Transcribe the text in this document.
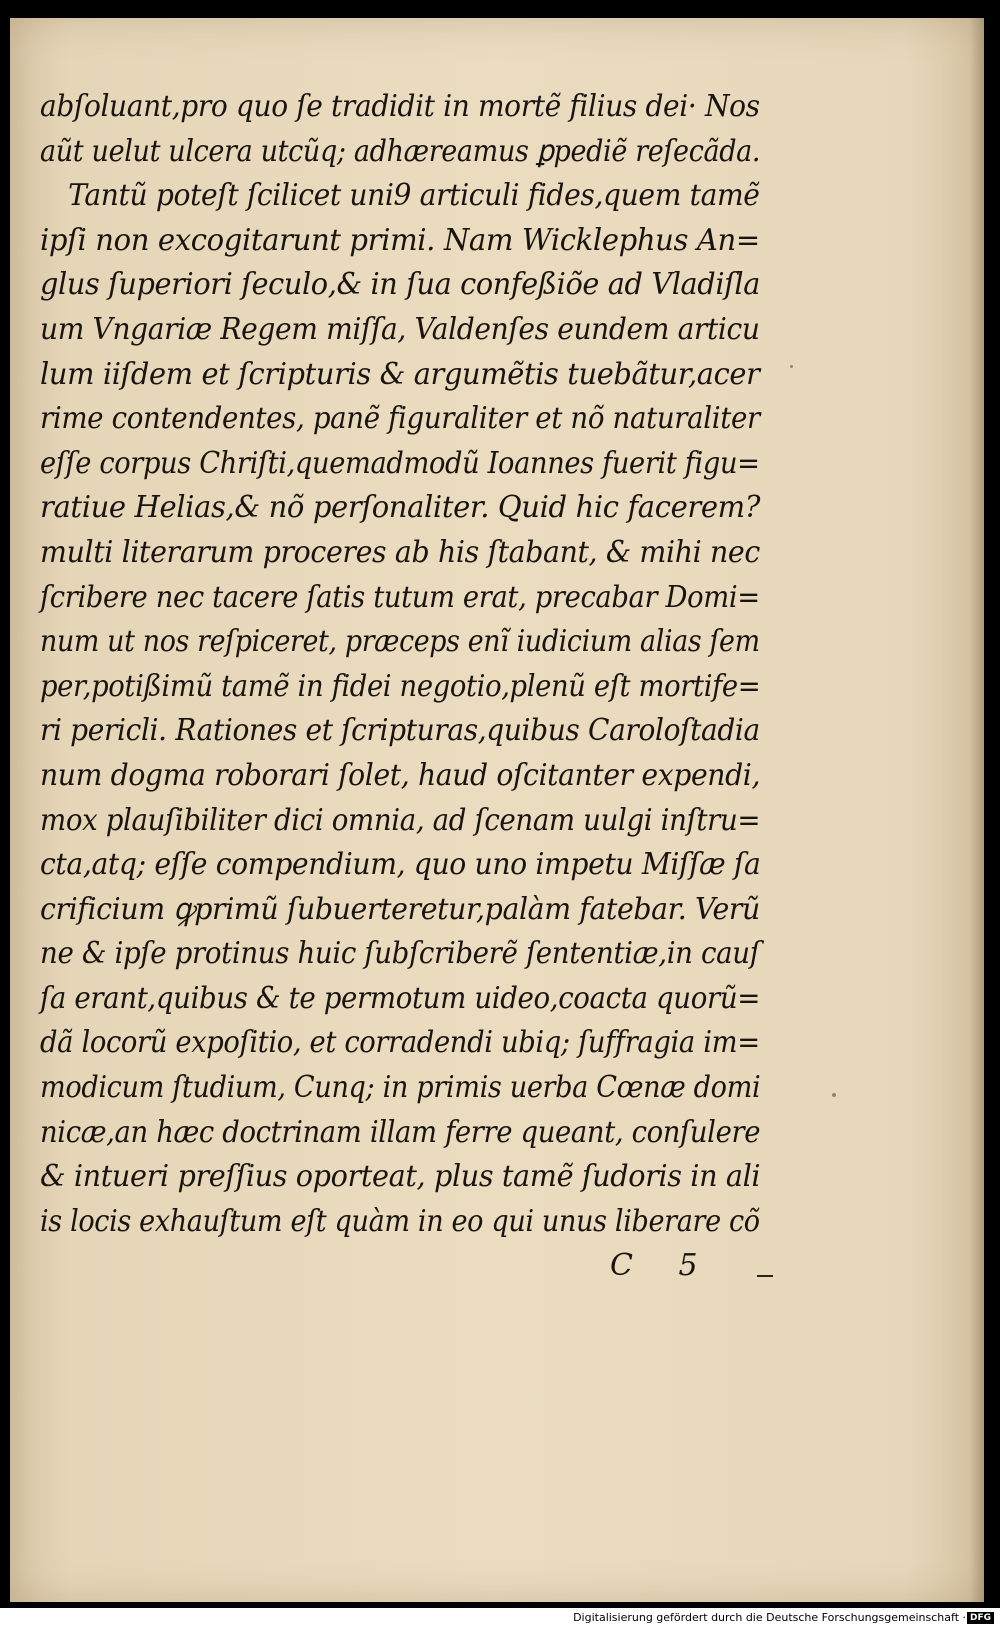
abſoluant,pro quo ſe tradidit in mortẽ filius dei· Nos
aũt uelut ulcera utcũq; adhæreamus ꝑpediẽ reſecãda.
Tantũ poteſt ſcilicet uni9 articuli fides,quem tamẽ
ipſi non excogitarunt primi. Nam Wicklephus An=
glus ſuperiori ſeculo,& in ſua confeßiõe ad Vladiſla
um Vngariæ Regem miſſa, Valdenſes eundem articu
lum iiſdem et ſcripturis & argumẽtis tuebãtur,acer
rime contendentes, panẽ figuraliter et nõ naturaliter
eſſe corpus Chriſti,quemadmodũ Ioannes fuerit figu=
ratiue Helias,& nõ perſonaliter. Quid hic facerem?
multi literarum proceres ab his ſtabant, & mihi nec
ſcribere nec tacere ſatis tutum erat, precabar Domi=
num ut nos reſpiceret, præceps enĩ iudicium alias ſem
per,potißimũ tamẽ in fidei negotio,plenũ eſt mortife=
ri pericli. Rationes et ſcripturas,quibus Caroloſtadia
num dogma roborari ſolet, haud oſcitanter expendi,
mox plauſibiliter dici omnia, ad ſcenam uulgi inſtru=
cta,atq; eſſe compendium, quo uno impetu Miſſæ ſa
crificium ꝙprimũ ſubuerteretur,palàm fatebar. Verũ
ne & ipſe protinus huic ſubſcriberẽ ſententiæ,in cauſ
ſa erant,quibus & te permotum uideo,coacta quorũ=
dã locorũ expoſitio, et corradendi ubiq; ſuffragia im=
modicum ſtudium, Cunq; in primis uerba Cœnæ domi
nicæ,an hæc doctrinam illam ferre queant, conſulere
& intueri preſſius oporteat, plus tamẽ ſudoris in ali
is locis exhauſtum eſt quàm in eo qui unus liberare cõ
C 5
Digitalisierung gefördert durch die Deutsche Forschungsgemeinschaft · DFG
